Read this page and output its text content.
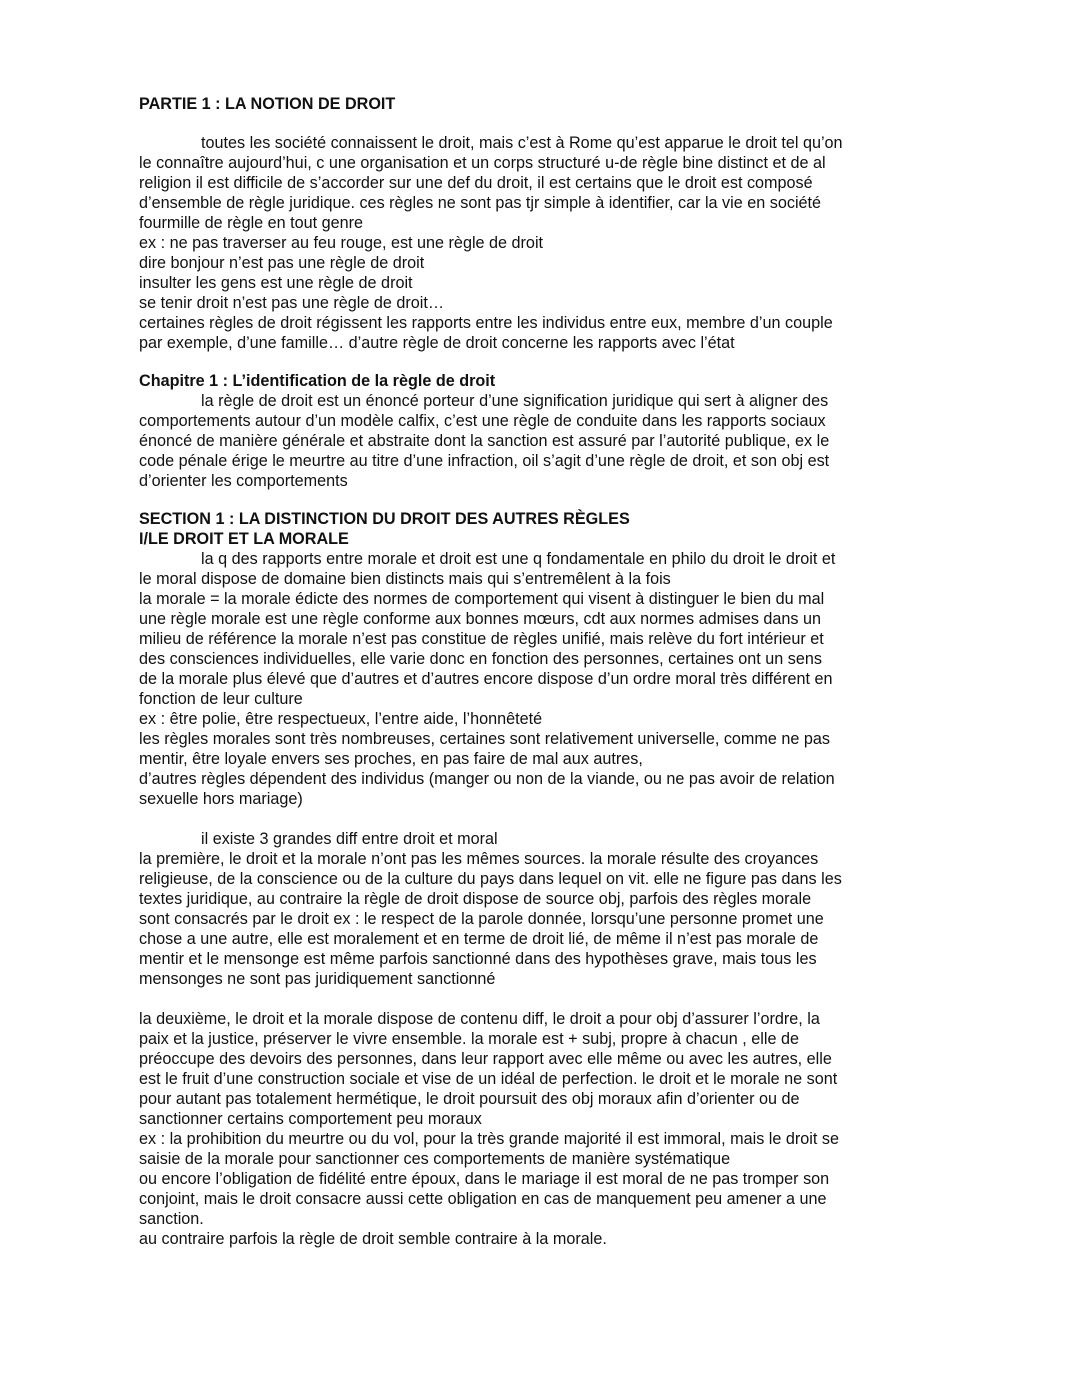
PARTIE 1 : LA NOTION DE DROIT

toutes les société connaissent le droit, mais c’est à Rome qu’est apparue le droit tel qu’on

le connaître aujourd’hui, c une organisation et un corps structuré u-de règle bine distinct et de al

religion il est difficile de s’accorder sur une def du droit, il est certains que le droit est composé

d’ensemble de règle juridique. ces règles ne sont pas tjr simple à identifier, car la vie en société

fourmille de règle en tout genre

ex : ne pas traverser au feu rouge, est une règle de droit

dire bonjour n’est pas une règle de droit

insulter les gens est une règle de droit

se tenir droit n’est pas une règle de droit…

certaines règles de droit régissent les rapports entre les individus entre eux, membre d’un couple

par exemple, d’une famille… d’autre règle de droit concerne les rapports avec l’état

Chapitre 1 : L’identification de la règle de droit

la règle de droit est un énoncé porteur d’une signification juridique qui sert à aligner des

comportements autour d’un modèle calfix, c’est une règle de conduite dans les rapports sociaux

énoncé de manière générale et abstraite dont la sanction est assuré par l’autorité publique, ex le

code pénale érige le meurtre au titre d’une infraction, oil s’agit d’une règle de droit, et son obj est

d’orienter les comportements

SECTION 1 : LA DISTINCTION DU DROIT DES AUTRES RÈGLES

I/LE DROIT ET LA MORALE

la q des rapports entre morale et droit est une q fondamentale en philo du droit le droit et

le moral dispose de domaine bien distincts mais qui s’entremêlent à la fois

la morale = la morale édicte des normes de comportement qui visent à distinguer le bien du mal

une règle morale est une règle conforme aux bonnes mœurs, cdt aux normes admises dans un

milieu de référence la morale n’est pas constitue de règles unifié, mais relève du fort intérieur et

des consciences individuelles, elle varie donc en fonction des personnes, certaines ont un sens

de la morale plus élevé que d’autres et d’autres encore dispose d’un ordre moral très différent en

fonction de leur culture

ex : être polie, être respectueux, l’entre aide, l’honnêteté

les règles morales sont très nombreuses, certaines sont relativement universelle, comme ne pas

mentir, être loyale envers ses proches, en pas faire de mal aux autres,

d’autres règles dépendent des individus (manger ou non de la viande, ou ne pas avoir de relation

sexuelle hors mariage)

il existe 3 grandes diff entre droit et moral

la première, le droit et la morale n’ont pas les mêmes sources. la morale résulte des croyances

religieuse, de la conscience ou de la culture du pays dans lequel on vit. elle ne figure pas dans les

textes juridique, au contraire la règle de droit dispose de source obj, parfois des règles morale

sont consacrés par le droit ex : le respect de la parole donnée, lorsqu’une personne promet une

chose a une autre, elle est moralement et en terme de droit lié, de même il n’est pas morale de

mentir et le mensonge est même parfois sanctionné dans des hypothèses grave, mais tous les

mensonges ne sont pas juridiquement sanctionné

la deuxième, le droit et la morale dispose de contenu diff, le droit a pour obj d’assurer l’ordre, la

paix et la justice, préserver le vivre ensemble. la morale est + subj, propre à chacun , elle de

préoccupe des devoirs des personnes, dans leur rapport avec elle même ou avec les autres, elle

est le fruit d’une construction sociale et vise de un idéal de perfection. le droit et le morale ne sont

pour autant pas totalement hermétique, le droit poursuit des obj moraux afin d’orienter ou de

sanctionner certains comportement peu moraux

ex : la prohibition du meurtre ou du vol, pour la très grande majorité il est immoral, mais le droit se

saisie de la morale pour sanctionner ces comportements de manière systématique

ou encore l’obligation de fidélité entre époux, dans le mariage il est moral de ne pas tromper son

conjoint, mais le droit consacre aussi cette obligation en cas de manquement peu amener a une

sanction.

au contraire parfois la règle de droit semble contraire à la morale.
